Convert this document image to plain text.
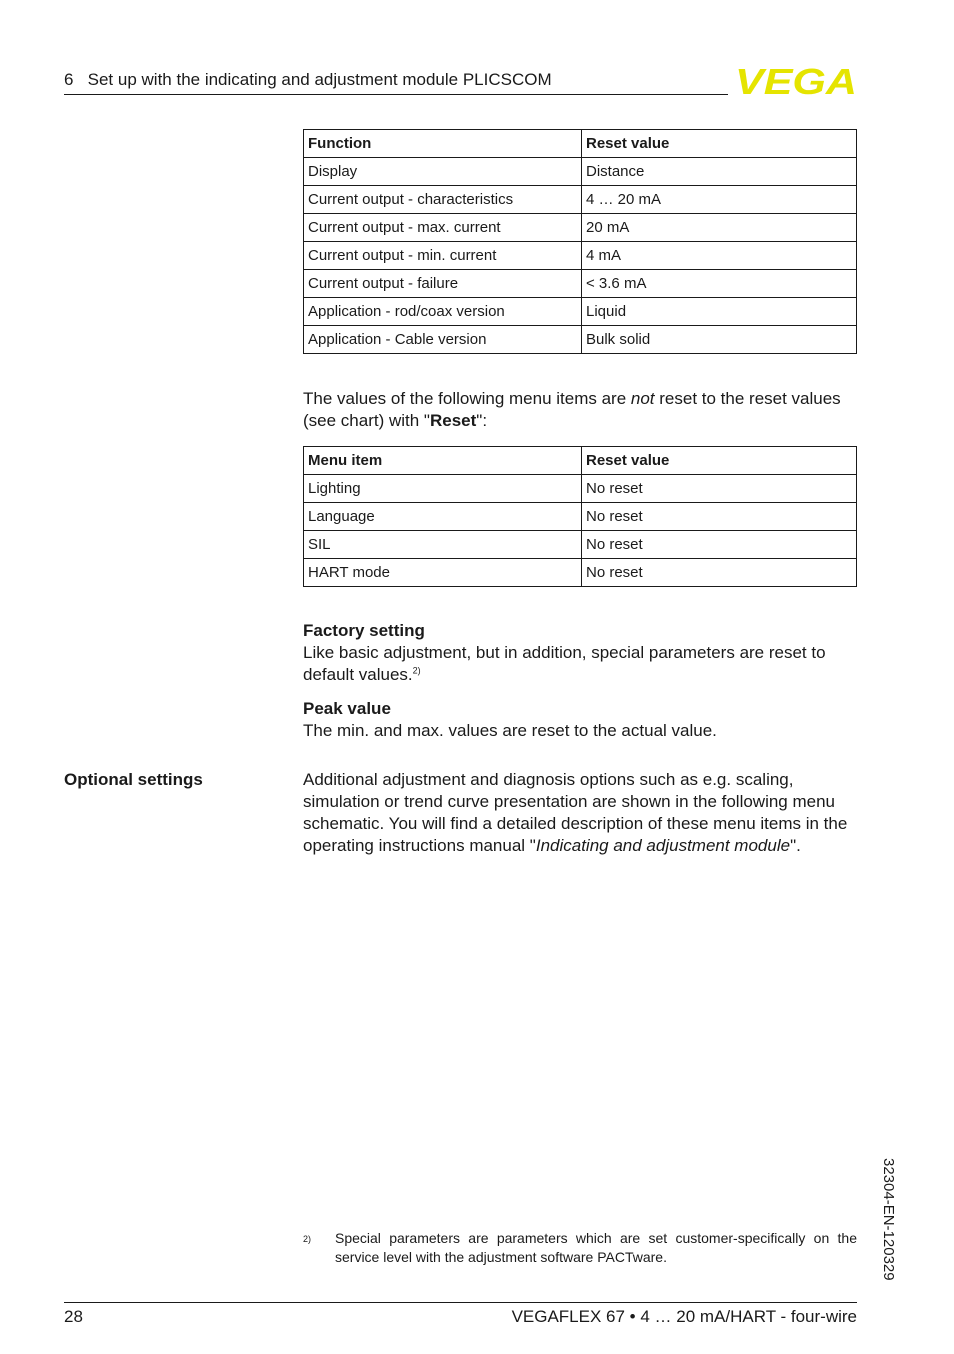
6 Set up with the indicating and adjustment module PLICSCOM	VEGA
Function	Reset value
Display	Distance
Current output - characteristics	4 … 20 mA
Current output - max. current	20 mA
Current output - min. current	4 mA
Current output - failure	< 3.6 mA
Application - rod/coax version	Liquid
Application - Cable version	Bulk solid
The values of the following menu items are not reset to the reset values (see chart) with "Reset":
Menu item	Reset value
Lighting	No reset
Language	No reset
SIL	No reset
HART mode	No reset
Factory setting
Like basic adjustment, but in addition, special parameters are reset to default values.$^{2)}$
Peak value
The min. and max. values are reset to the actual value.
Optional settings	Additional adjustment and diagnosis options such as e.g. scaling, simulation or trend curve presentation are shown in the following menu schematic. You will find a detailed description of these menu items in the operating instructions manual "Indicating and adjustment module".
32304-EN-120329
2) Special parameters are parameters which are set customer-specifically on the service level with the adjustment software PACTware.
28	VEGAFLEX 67 • 4 … 20 mA/HART - four-wire
